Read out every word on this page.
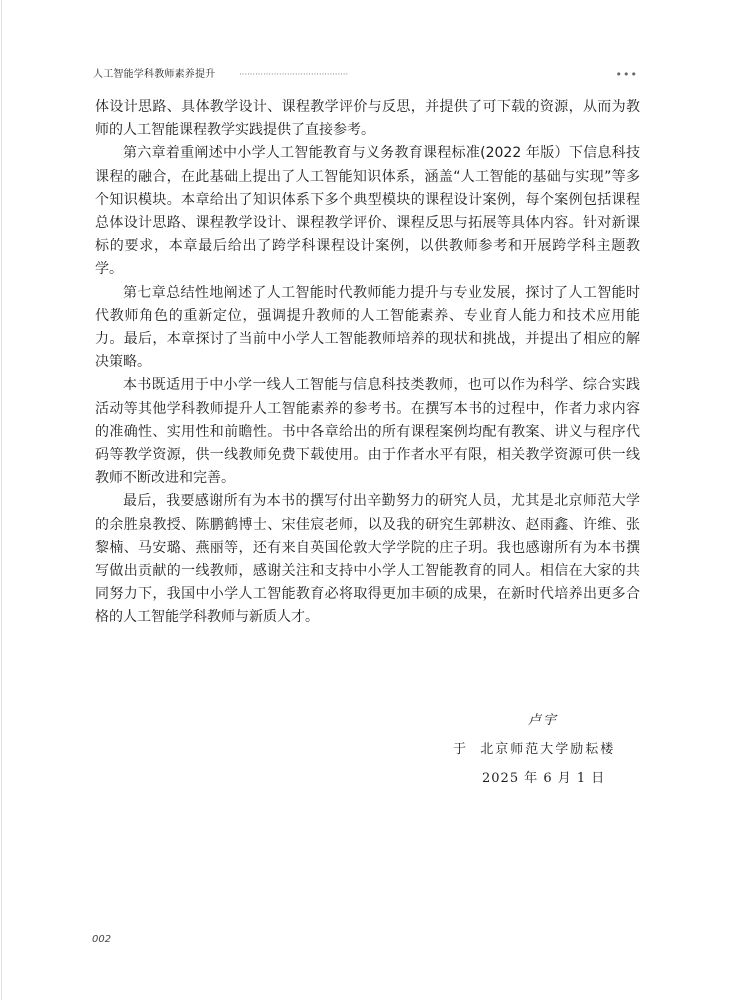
人工智能学科教师素养提升	·········································	•••

体设计思路、具体教学设计、课程教学评价与反思，并提供了可下载的资源，从而为教师的人工智能课程教学实践提供了直接参考。

第六章着重阐述中小学人工智能教育与义务教育课程标准(2022 年版）下信息科技课程的融合，在此基础上提出了人工智能知识体系，涵盖“人工智能的基础与实现”等多个知识模块。本章给出了知识体系下多个典型模块的课程设计案例，每个案例包括课程总体设计思路、课程教学设计、课程教学评价、课程反思与拓展等具体内容。针对新课标的要求，本章最后给出了跨学科课程设计案例，以供教师参考和开展跨学科主题教学。

第七章总结性地阐述了人工智能时代教师能力提升与专业发展，探讨了人工智能时代教师角色的重新定位，强调提升教师的人工智能素养、专业育人能力和技术应用能力。最后，本章探讨了当前中小学人工智能教师培养的现状和挑战，并提出了相应的解决策略。

本书既适用于中小学一线人工智能与信息科技类教师，也可以作为科学、综合实践活动等其他学科教师提升人工智能素养的参考书。在撰写本书的过程中，作者力求内容的准确性、实用性和前瞻性。书中各章给出的所有课程案例均配有教案、讲义与程序代码等教学资源，供一线教师免费下载使用。由于作者水平有限，相关教学资源可供一线教师不断改进和完善。

最后，我要感谢所有为本书的撰写付出辛勤努力的研究人员，尤其是北京师范大学的余胜泉教授、陈鹏鹤博士、宋佳宸老师，以及我的研究生郭耕汝、赵雨鑫、许维、张黎楠、马安璐、燕丽等，还有来自英国伦敦大学学院的庄子玥。我也感谢所有为本书撰写做出贡献的一线教师，感谢关注和支持中小学人工智能教育的同人。相信在大家的共同努力下，我国中小学人工智能教育必将取得更加丰硕的成果，在新时代培养出更多合格的人工智能学科教师与新质人才。

卢宇
于  北京师范大学励耘楼
2025 年 6 月 1 日
002
